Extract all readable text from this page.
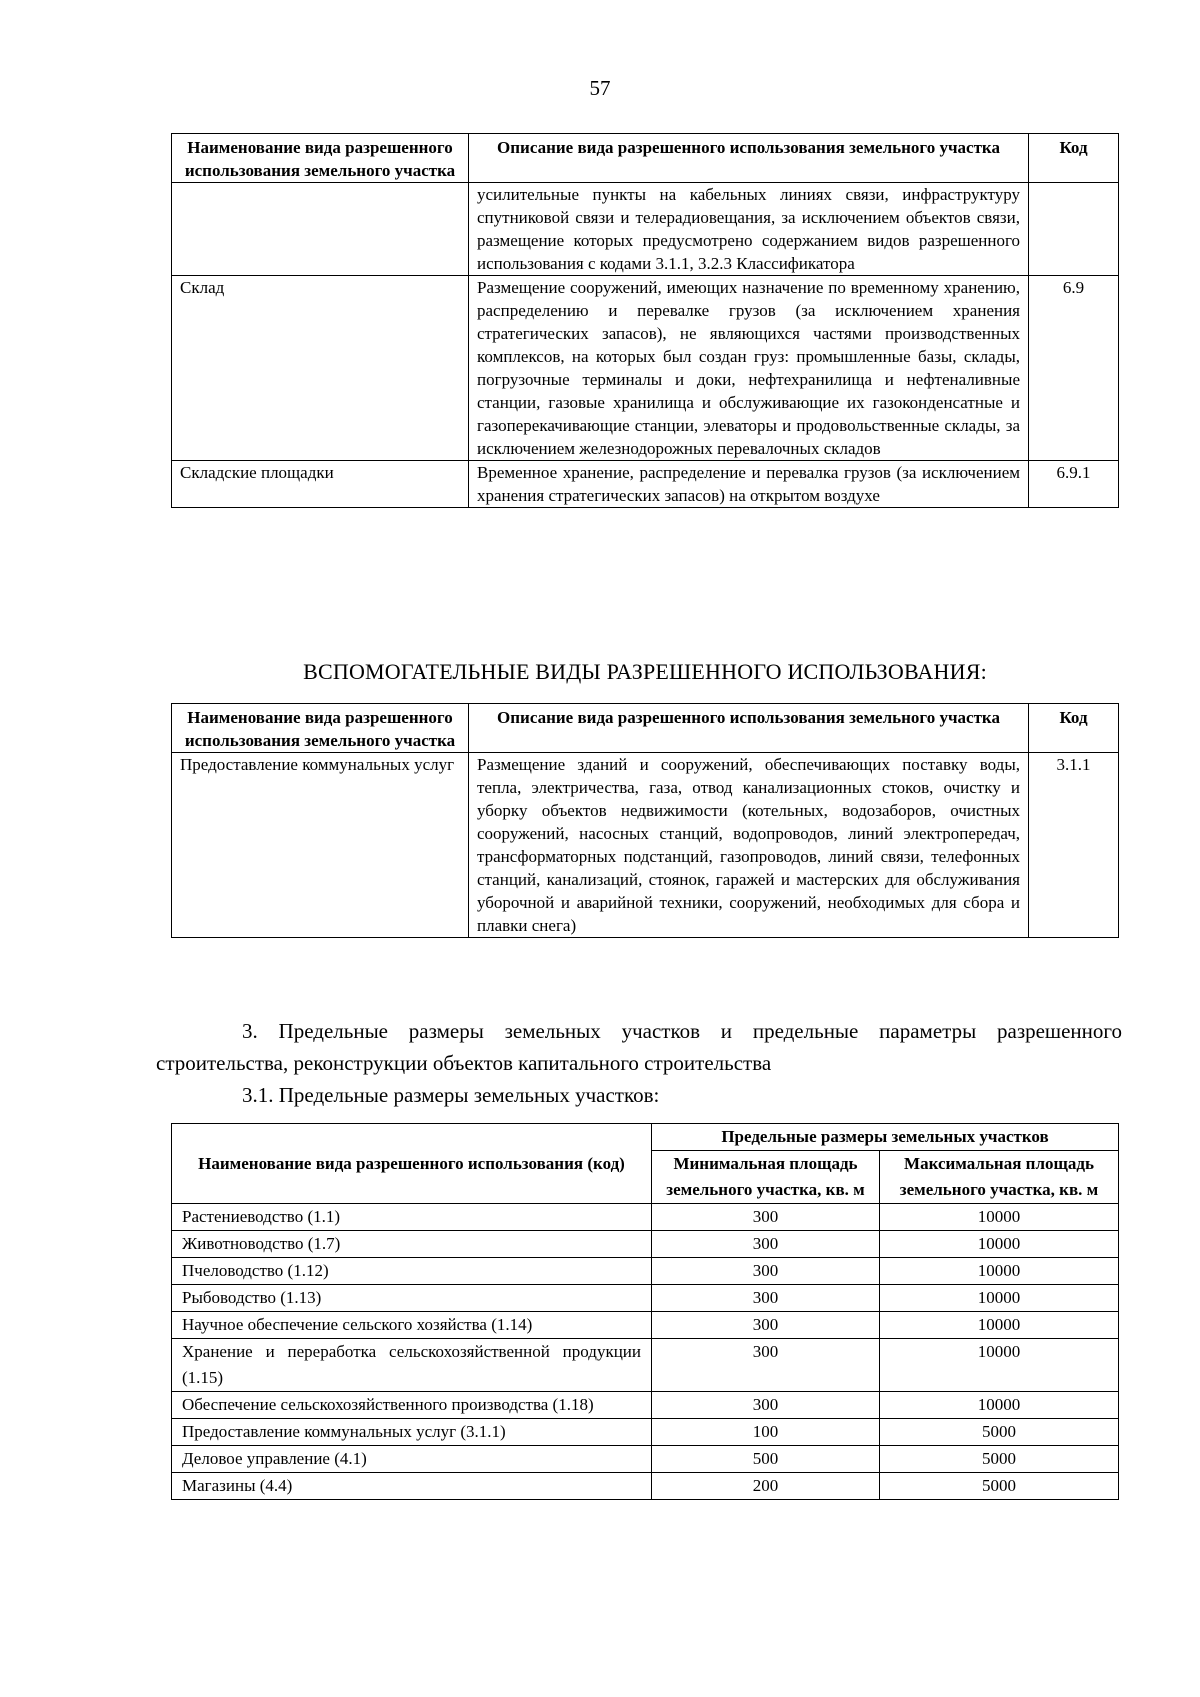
57
Наименование вида разрешенного использования земельного участка	Описание вида разрешенного использования земельного участка	Код
	усилительные пункты на кабельных линиях связи, инфраструктуру спутниковой связи и телерадиовещания, за исключением объектов связи, размещение которых предусмотрено содержанием видов разрешенного использования с кодами 3.1.1, 3.2.3 Классификатора	
Склад	Размещение сооружений, имеющих назначение по временному хранению, распределению и перевалке грузов (за исключением хранения стратегических запасов), не являющихся частями производственных комплексов, на которых был создан груз: промышленные базы, склады, погрузочные терминалы и доки, нефтехранилища и нефтеналивные станции, газовые хранилища и обслуживающие их газоконденсатные и газоперекачивающие станции, элеваторы и продовольственные склады, за исключением железнодорожных перевалочных складов	6.9
Складские площадки	Временное хранение, распределение и перевалка грузов (за исключением хранения стратегических запасов) на открытом воздухе	6.9.1
ВСПОМОГАТЕЛЬНЫЕ ВИДЫ РАЗРЕШЕННОГО ИСПОЛЬЗОВАНИЯ:
Наименование вида разрешенного использования земельного участка	Описание вида разрешенного использования земельного участка	Код
Предоставление коммунальных услуг	Размещение зданий и сооружений, обеспечивающих поставку воды, тепла, электричества, газа, отвод канализационных стоков, очистку и уборку объектов недвижимости (котельных, водозаборов, очистных сооружений, насосных станций, водопроводов, линий электропередач, трансформаторных подстанций, газопроводов, линий связи, телефонных станций, канализаций, стоянок, гаражей и мастерских для обслуживания уборочной и аварийной техники, сооружений, необходимых для сбора и плавки снега)	3.1.1
3. Предельные размеры земельных участков и предельные параметры разрешенного строительства, реконструкции объектов капитального строительства
3.1. Предельные размеры земельных участков:
Наименование вида разрешенного использования (код)	Предельные размеры земельных участков	
	Минимальная площадь земельного участка, кв. м	Максимальная площадь земельного участка, кв. м
Растениеводство (1.1)	300	10000
Животноводство (1.7)	300	10000
Пчеловодство (1.12)	300	10000
Рыбоводство (1.13)	300	10000
Научное обеспечение сельского хозяйства (1.14)	300	10000
Хранение и переработка сельскохозяйственной продукции (1.15)	300	10000
Обеспечение сельскохозяйственного производства (1.18)	300	10000
Предоставление коммунальных услуг (3.1.1)	100	5000
Деловое управление (4.1)	500	5000
Магазины (4.4)	200	5000
